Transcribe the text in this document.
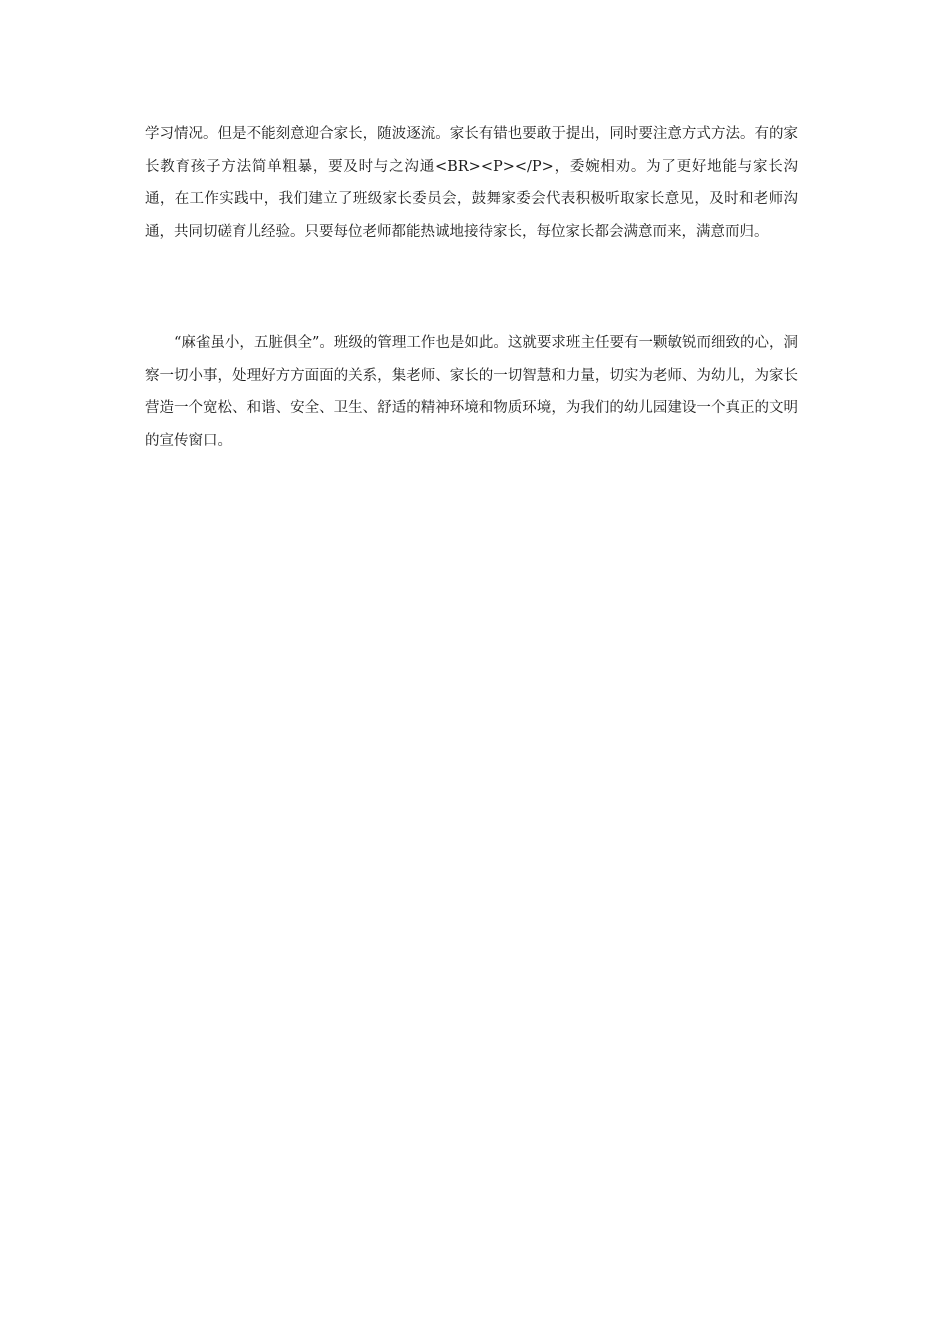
学习情况。但是不能刻意迎合家长，随波逐流。家长有错也要敢于提出，同时要注意方式方法。有的家长教育孩子方法简单粗暴，要及时与之沟通<BR><P></P>，委婉相劝。为了更好地能与家长沟通，在工作实践中，我们建立了班级家长委员会，鼓舞家委会代表积极听取家长意见，及时和老师沟通，共同切磋育儿经验。只要每位老师都能热诚地接待家长，每位家长都会满意而来，满意而归。

“麻雀虽小，五脏俱全”。班级的管理工作也是如此。这就要求班主任要有一颗敏锐而细致的心，洞察一切小事，处理好方方面面的关系，集老师、家长的一切智慧和力量，切实为老师、为幼儿，为家长营造一个宽松、和谐、安全、卫生、舒适的精神环境和物质环境，为我们的幼儿园建设一个真正的文明的宣传窗口。
